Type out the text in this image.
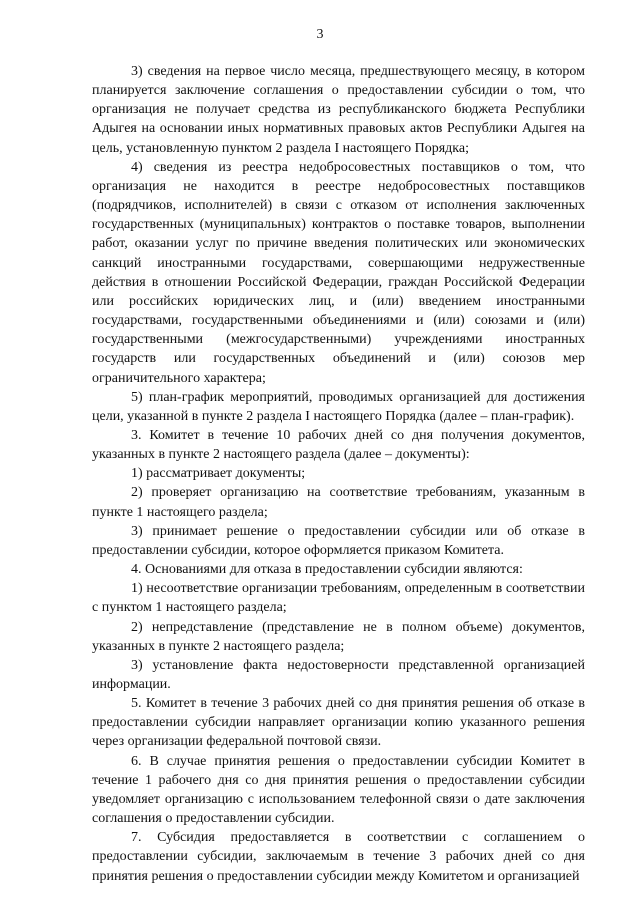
3

3) сведения на первое число месяца, предшествующего месяцу, в котором планируется заключение соглашения о предоставлении субсидии о том, что организация не получает средства из республиканского бюджета Республики Адыгея на основании иных нормативных правовых актов Республики Адыгея на цель, установленную пунктом 2 раздела I настоящего Порядка;

4) сведения из реестра недобросовестных поставщиков о том, что организация не находится в реестре недобросовестных поставщиков (подрядчиков, исполнителей) в связи с отказом от исполнения заключенных государственных (муниципальных) контрактов о поставке товаров, выполнении работ, оказании услуг по причине введения политических или экономических санкций иностранными государствами, совершающими недружественные действия в отношении Российской Федерации, граждан Российской Федерации или российских юридических лиц, и (или) введением иностранными государствами, государственными объединениями и (или) союзами и (или) государственными (межгосударственными) учреждениями иностранных государств или государственных объединений и (или) союзов мер ограничительного характера;

5) план-график мероприятий, проводимых организацией для достижения цели, указанной в пункте 2 раздела I настоящего Порядка (далее – план-график).

3. Комитет в течение 10 рабочих дней со дня получения документов, указанных в пункте 2 настоящего раздела (далее – документы):

1) рассматривает документы;

2) проверяет организацию на соответствие требованиям, указанным в пункте 1 настоящего раздела;

3) принимает решение о предоставлении субсидии или об отказе в предоставлении субсидии, которое оформляется приказом Комитета.

4. Основаниями для отказа в предоставлении субсидии являются:

1) несоответствие организации требованиям, определенным в соответствии с пунктом 1 настоящего раздела;

2) непредставление (представление не в полном объеме) документов, указанных в пункте 2 настоящего раздела;

3) установление факта недостоверности представленной организацией информации.

5. Комитет в течение 3 рабочих дней со дня принятия решения об отказе в предоставлении субсидии направляет организации копию указанного решения через организации федеральной почтовой связи.

6. В случае принятия решения о предоставлении субсидии Комитет в течение 1 рабочего дня со дня принятия решения о предоставлении субсидии уведомляет организацию с использованием телефонной связи о дате заключения соглашения о предоставлении субсидии.

7. Субсидия предоставляется в соответствии с соглашением о предоставлении субсидии, заключаемым в течение 3 рабочих дней со дня принятия решения о предоставлении субсидии между Комитетом и организацией
